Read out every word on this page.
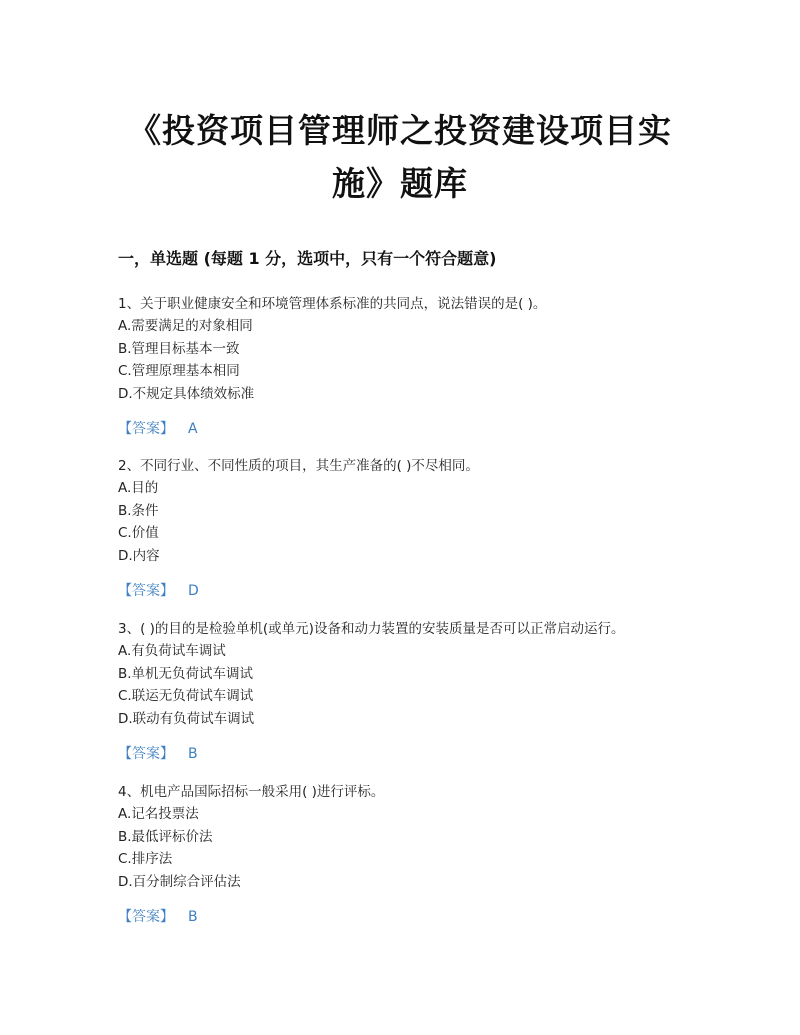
《投资项目管理师之投资建设项目实
施》题库
一，单选题 (每题 1 分，选项中，只有一个符合题意)
1、关于职业健康安全和环境管理体系标准的共同点，说法错误的是( )。
A.需要满足的对象相同
B.管理目标基本一致
C.管理原理基本相同
D.不规定具体绩效标准
【答案】 A
2、不同行业、不同性质的项目，其生产准备的( )不尽相同。
A.目的
B.条件
C.价值
D.内容
【答案】 D
3、( )的目的是检验单机(或单元)设备和动力装置的安装质量是否可以正常启动运行。
A.有负荷试车调试
B.单机无负荷试车调试
C.联运无负荷试车调试
D.联动有负荷试车调试
【答案】 B
4、机电产品国际招标一般采用( )进行评标。
A.记名投票法
B.最低评标价法
C.排序法
D.百分制综合评估法
【答案】 B
